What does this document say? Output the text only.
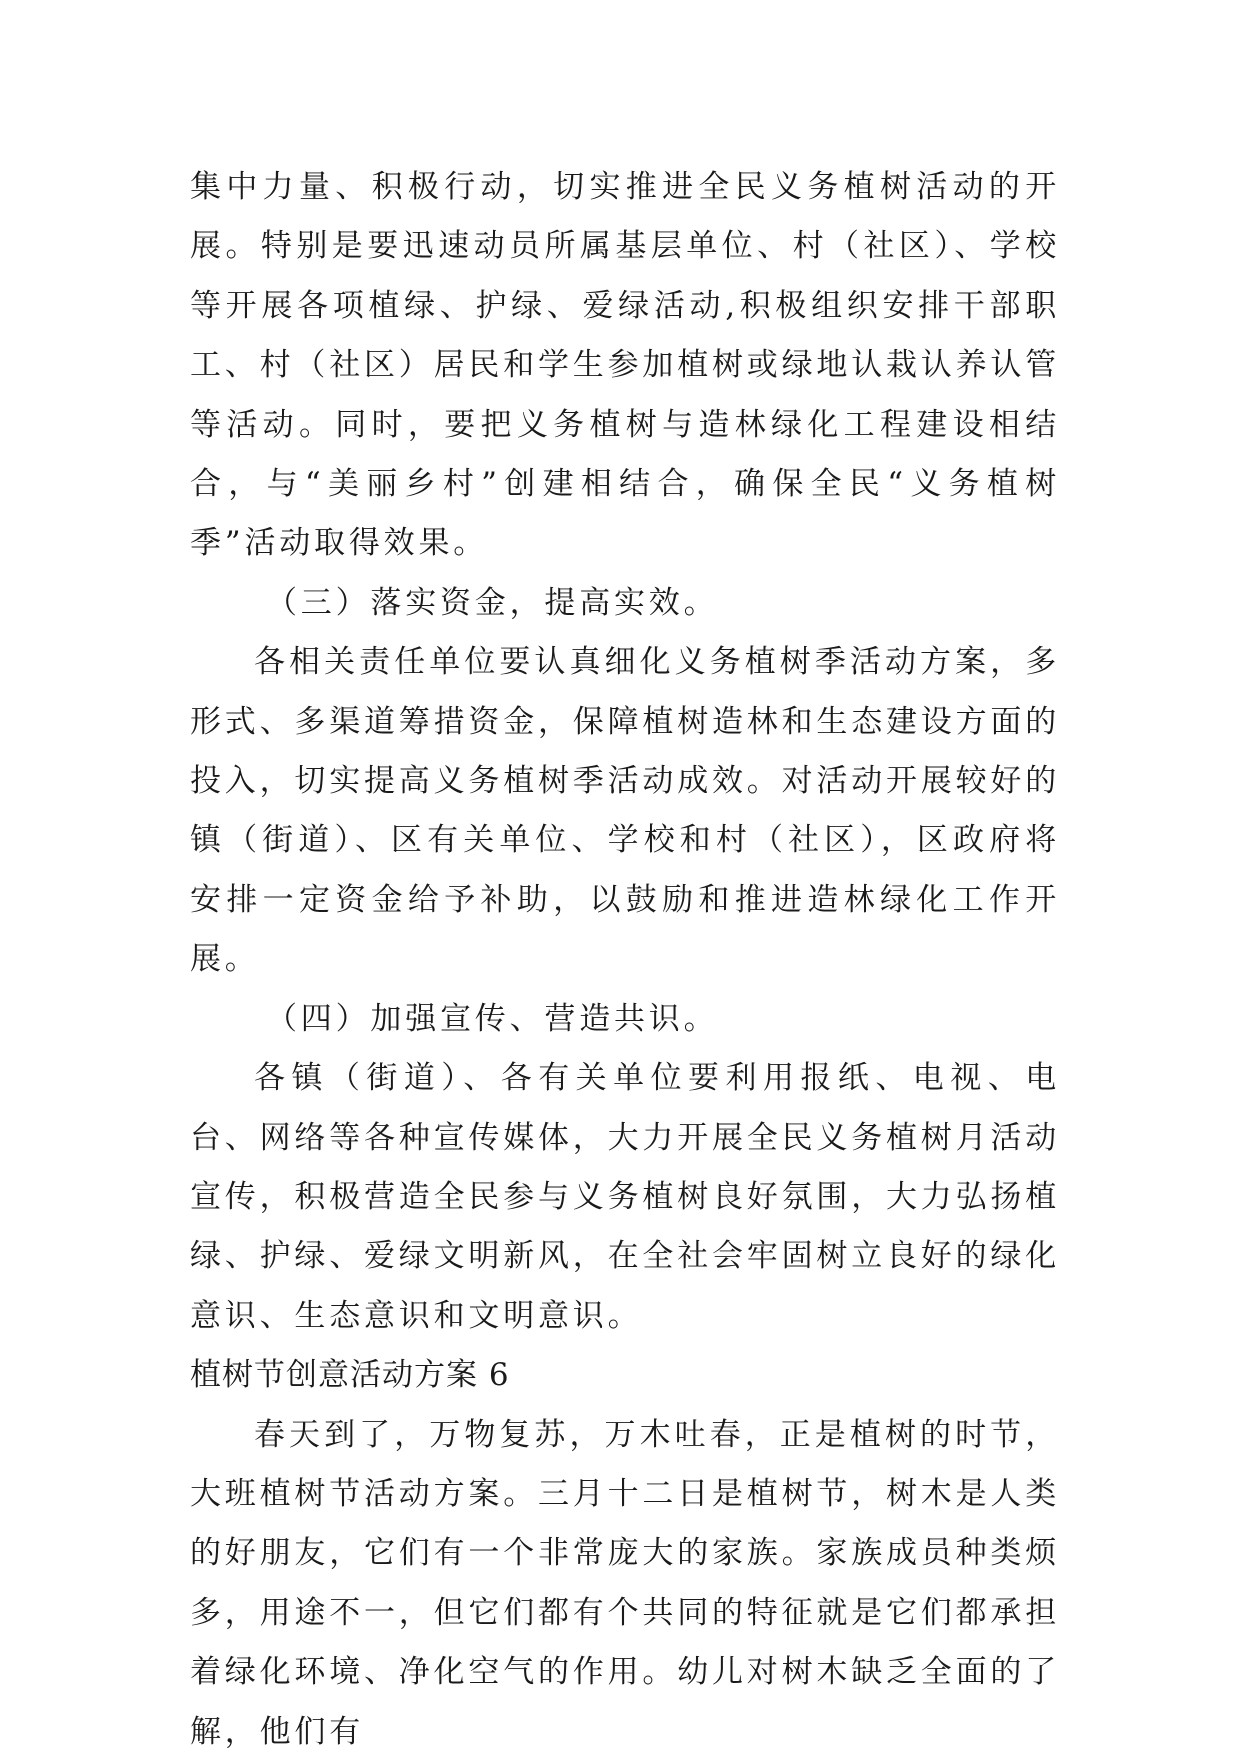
集中力量、积极行动，切实推进全民义务植树活动的开展。特别是要迅速动员所属基层单位、村（社区）、学校等开展各项植绿、护绿、爱绿活动,积极组织安排干部职工、村（社区）居民和学生参加植树或绿地认栽认养认管等活动。同时，要把义务植树与造林绿化工程建设相结合，与“美丽乡村”创建相结合，确保全民“义务植树季”活动取得效果。

（三）落实资金，提高实效。

各相关责任单位要认真细化义务植树季活动方案，多形式、多渠道筹措资金，保障植树造林和生态建设方面的投入，切实提高义务植树季活动成效。对活动开展较好的镇（街道）、区有关单位、学校和村（社区），区政府将安排一定资金给予补助，以鼓励和推进造林绿化工作开展。

（四）加强宣传、营造共识。

各镇（街道）、各有关单位要利用报纸、电视、电台、网络等各种宣传媒体，大力开展全民义务植树月活动宣传，积极营造全民参与义务植树良好氛围，大力弘扬植绿、护绿、爱绿文明新风，在全社会牢固树立良好的绿化意识、生态意识和文明意识。

植树节创意活动方案 6

春天到了，万物复苏，万木吐春，正是植树的时节，大班植树节活动方案。三月十二日是植树节，树木是人类的好朋友，它们有一个非常庞大的家族。家族成员种类烦多，用途不一，但它们都有个共同的特征就是它们都承担着绿化环境、净化空气的作用。幼儿对树木缺乏全面的了解，他们有
